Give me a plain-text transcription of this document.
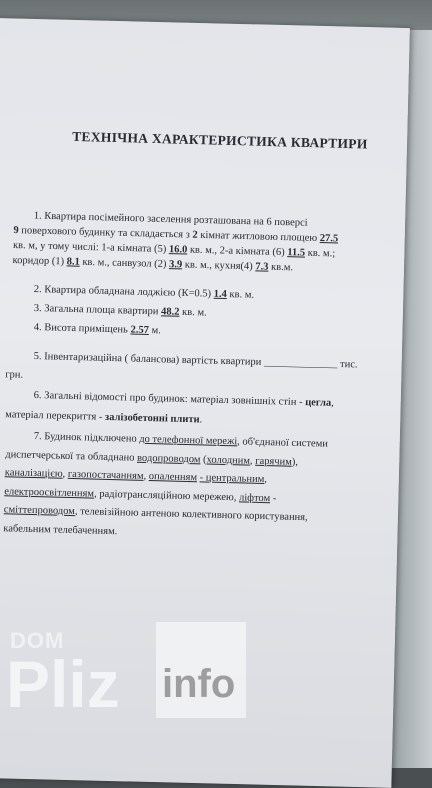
ТЕХНІЧНА ХАРАКТЕРИСТИКА КВАРТИРИ
1. Квартира посімейного заселення розташована на 6 поверсі
9 поверхового будинку та складається з 2 кімнат житловою площею 27.5
кв. м, у тому числі: 1-а кімната (5) 16.0 кв. м., 2-а кімната (6) 11.5 кв. м.;
коридор (1) 8.1 кв. м., санвузол (2) 3.9 кв. м., кухня(4) 7.3 кв.м.
2. Квартира обладнана лоджією (К=0.5) 1.4 кв. м.
3. Загальна площа квартири 48.2 кв. м.
4. Висота приміщень 2.57 м.
5. Інвентаризаційна ( балансова) вартість квартири ______________ тис.
грн.
6. Загальні відомості про будинок: матеріал зовнішніх стін - цегла,
матеріал перекриття - залізобетонні плити.
7. Будинок підключено до телефонної мережі, об'єднаної системи
диспетчерської та обладнано водопроводом (холодним, гарячим),
каналізацією, газопостачанням, опаленням - центральним,
електроосвітленням, радіотрансляційною мережею, ліфтом -
сміттепроводом, телевізійною антеною колективного користування,
кабельним телебаченням.
DOM
Pliz info
